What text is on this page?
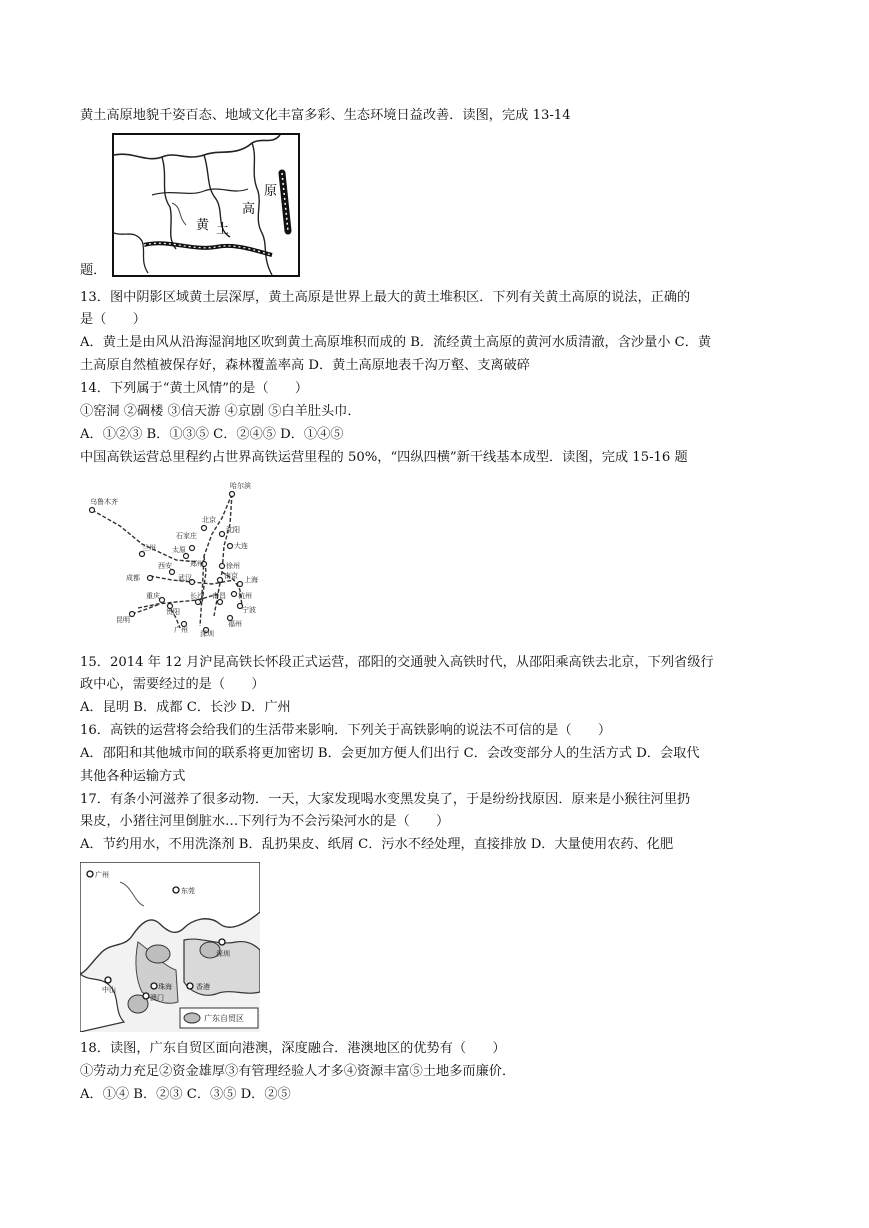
黄土高原地貌千姿百态、地域文化丰富多彩、生态环境日益改善．读图，完成 13-14
原
高
土
黄
题．
13．图中阴影区域黄土层深厚，黄土高原是世界上最大的黄土堆积区．下列有关黄土高原的说法，正确的
是（　　）
A．黄土是由风从沿海湿润地区吹到黄土高原堆积而成的 B．流经黄土高原的黄河水质清澈，含沙量小 C．黄
土高原自然植被保存好，森林覆盖率高 D．黄土高原地表千沟万壑、支离破碎
14．下列属于“黄土风情”的是（　　）
①窑洞 ②碉楼 ③信天游 ④京剧 ⑤白羊肚头巾．
A．①②③ B．①③⑤ C．②④⑤ D．①④⑤
中国高铁运营总里程约占世界高铁运营里程的 50%，“四纵四横”新干线基本成型．读图，完成 15-16 题
乌鲁木齐
哈尔滨
北京
沈阳
大连
石家庄
太原
兰州
郑州	徐州
西安
南京 上海
成都	武汉
杭州
重庆	长沙 南昌
宁波
昆明
贵阳
福州
广州 深圳
15．2014 年 12 月沪昆高铁长怀段正式运营，邵阳的交通驶入高铁时代，从邵阳乘高铁去北京，下列省级行
政中心，需要经过的是（　　）
A．昆明 B．成都 C．长沙 D．广州
16．高铁的运营将会给我们的生活带来影响．下列关于高铁影响的说法不可信的是（　　）
A．邵阳和其他城市间的联系将更加密切 B．会更加方便人们出行 C．会改变部分人的生活方式 D．会取代
其他各种运输方式
17．有条小河滋养了很多动物．一天，大家发现喝水变黑发臭了，于是纷纷找原因．原来是小猴往河里扔
果皮，小猪往河里倒脏水…下列行为不会污染河水的是（　　）
A．节约用水，不用洗涤剂 B．乱扔果皮、纸屑 C．污水不经处理，直接排放 D．大量使用农药、化肥
广州
东莞
深圳
香港
中山	珠海
澳门
广东自贸区
18．读图，广东自贸区面向港澳，深度融合．港澳地区的优势有（　　）
①劳动力充足②资金雄厚③有管理经验人才多④资源丰富⑤土地多而廉价．
A．①④ B．②③ C．③⑤ D．②⑤
